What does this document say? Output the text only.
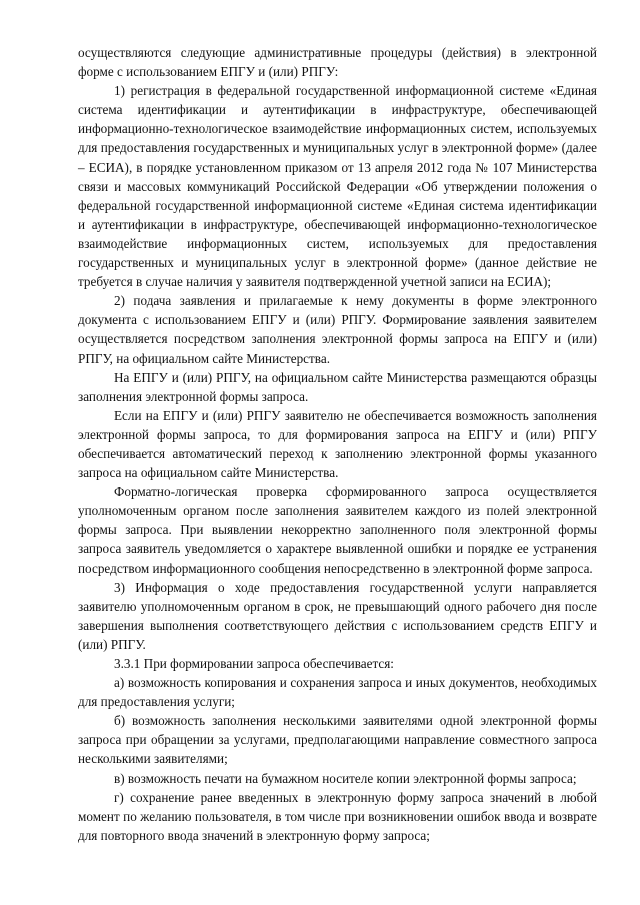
осуществляются следующие административные процедуры (действия) в электронной форме с использованием ЕПГУ и (или) РПГУ:

1) регистрация в федеральной государственной информационной системе «Единая система идентификации и аутентификации в инфраструктуре, обеспечивающей информационно-технологическое взаимодействие информационных систем, используемых для предоставления государственных и муниципальных услуг в электронной форме» (далее – ЕСИА), в порядке установленном приказом от 13 апреля 2012 года № 107 Министерства связи и массовых коммуникаций Российской Федерации «Об утверждении положения о федеральной государственной информационной системе «Единая система идентификации и аутентификации в инфраструктуре, обеспечивающей информационно-технологическое взаимодействие информационных систем, используемых для предоставления государственных и муниципальных услуг в электронной форме» (данное действие не требуется в случае наличия у заявителя подтвержденной учетной записи на ЕСИА);

2) подача заявления и прилагаемые к нему документы в форме электронного документа с использованием ЕПГУ и (или) РПГУ. Формирование заявления заявителем осуществляется посредством заполнения электронной формы запроса на ЕПГУ и (или) РПГУ, на официальном сайте Министерства.

На ЕПГУ и (или) РПГУ, на официальном сайте Министерства размещаются образцы заполнения электронной формы запроса.

Если на ЕПГУ и (или) РПГУ заявителю не обеспечивается возможность заполнения электронной формы запроса, то для формирования запроса на ЕПГУ и (или) РПГУ обеспечивается автоматический переход к заполнению электронной формы указанного запроса на официальном сайте Министерства.

Форматно-логическая проверка сформированного запроса осуществляется уполномоченным органом после заполнения заявителем каждого из полей электронной формы запроса. При выявлении некорректно заполненного поля электронной формы запроса заявитель уведомляется о характере выявленной ошибки и порядке ее устранения посредством информационного сообщения непосредственно в электронной форме запроса.

3) Информация о ходе предоставления государственной услуги направляется заявителю уполномоченным органом в срок, не превышающий одного рабочего дня после завершения выполнения соответствующего действия с использованием средств ЕПГУ и (или) РПГУ.

3.3.1 При формировании запроса обеспечивается:

а) возможность копирования и сохранения запроса и иных документов, необходимых для предоставления услуги;

б) возможность заполнения несколькими заявителями одной электронной формы запроса при обращении за услугами, предполагающими направление совместного запроса несколькими заявителями;

в) возможность печати на бумажном носителе копии электронной формы запроса;

г) сохранение ранее введенных в электронную форму запроса значений в любой момент по желанию пользователя, в том числе при возникновении ошибок ввода и возврате для повторного ввода значений в электронную форму запроса;
